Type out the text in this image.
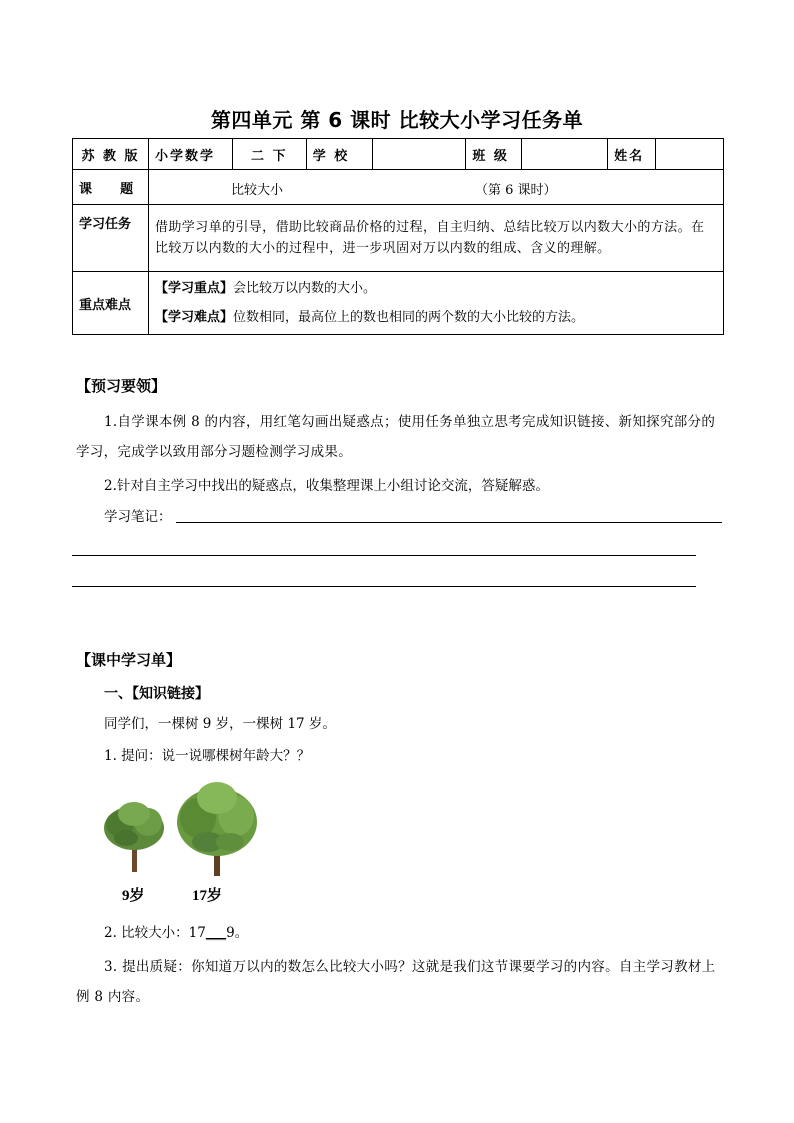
第四单元 第 6 课时 比较大小学习任务单
苏 教 版	小学数学	二 下	学 校		班 级		姓名	
课    题	比较大小 （第 6 课时）							

学习任务	借助学习单的引导，借助比较商品价格的过程，自主归纳、总结比较万以内数大小的方法。在比较万以内数的大小的过程中，进一步巩固对万以内数的组成、含义的理解。							
重点难点	【学习重点】会比较万以内数的大小。
【学习难点】位数相同，最高位上的数也相同的两个数的大小比较的方法。							
【预习要领】
1.自学课本例 8 的内容，用红笔勾画出疑惑点；使用任务单独立思考完成知识链接、新知探究部分的学习，完成学以致用部分习题检测学习成果。
2.针对自主学习中找出的疑惑点，收集整理课上小组讨论交流，答疑解惑。
学习笔记：
【课中学习单】
一、【知识链接】
同学们，一棵树 9 岁，一棵树 17 岁。
1. 提问：说一说哪棵树年龄大？？
9岁	17岁
2. 比较大小：17___9。
3. 提出质疑：你知道万以内的数怎么比较大小吗？这就是我们这节课要学习的内容。自主学习教材上例 8 内容。
